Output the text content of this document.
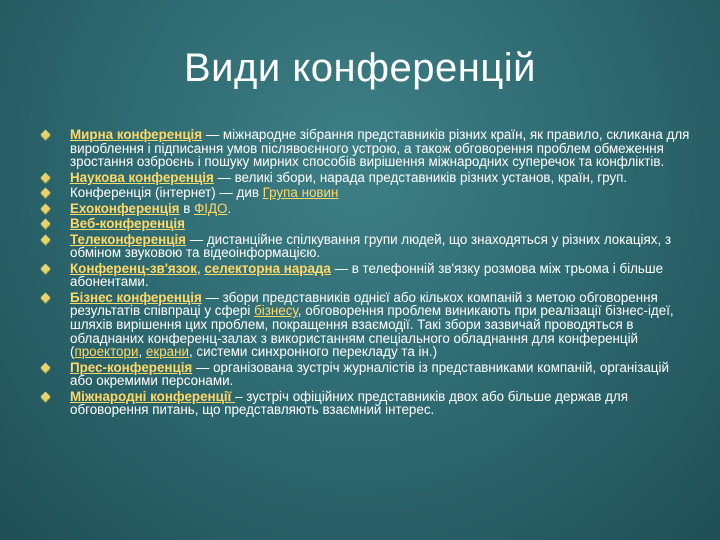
Види конференцій
Мирна конференція — міжнародне зібрання представників різних країн, як правило, скликана для вироблення і підписання умов післявоєнного устрою, а також обговорення проблем обмеження зростання озброєнь і пошуку мирних способів вирішення міжнародних суперечок та конфліктів.
Наукова конференція — великі збори, нарада представників різних установ, країн, груп.
Конференція (інтернет) — див Група новин
Ехоконференція в ФІДО.
Веб-конференція
Телеконференція — дистанційне спілкування групи людей, що знаходяться у різних локаціях, з обміном звуковою та відеоінформацією.
Конференц-зв'язок, селекторна нарада — в телефонній зв'язку розмова між трьома і більше абонентами.
Бізнес конференція — збори представників однієї або кількох компаній з метою обговорення результатів співпраці у сфері бізнесу, обговорення проблем виникають при реалізації бізнес-ідеї, шляхів вирішення цих проблем, покращення взаємодії. Такі збори зазвичай проводяться в обладнаних конференц-залах з використанням спеціального обладнання для конференцій (проектори, екрани, системи синхронного перекладу та ін.)
Прес-конференція — організована зустріч журналістів із представниками компаній, організацій або окремими персонами.
Міжнародні конференції – зустріч офіційних представників двох або більше держав для обговорення питань, що представляють взаємний інтерес.
